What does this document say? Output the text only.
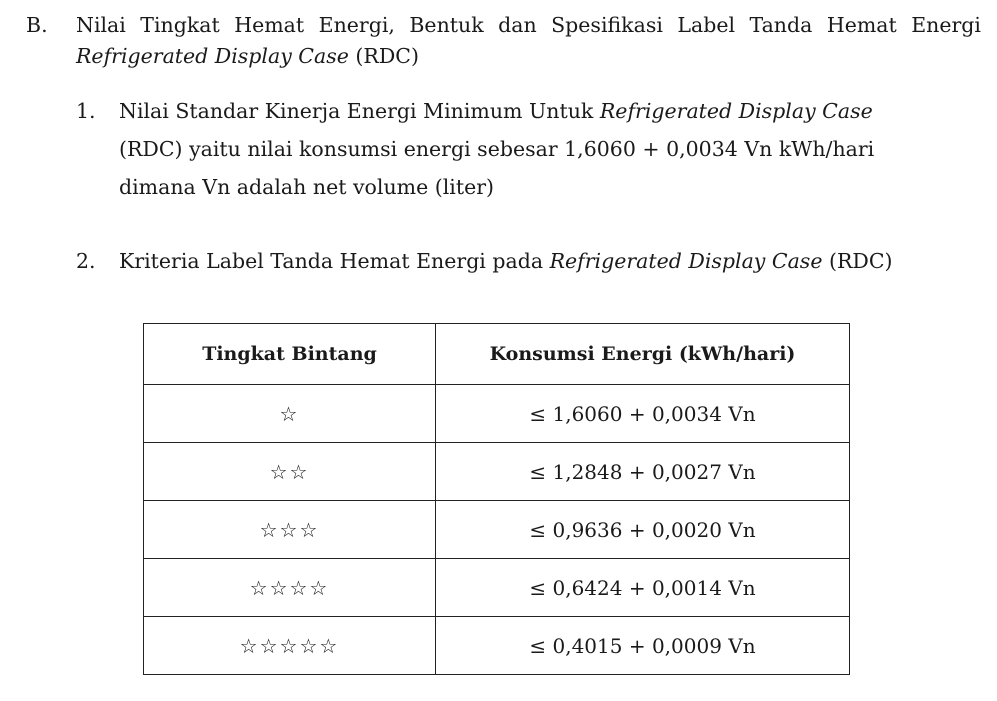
B. Nilai Tingkat Hemat Energi, Bentuk dan Spesifikasi Label Tanda Hemat Energi Refrigerated Display Case (RDC)
1. Nilai Standar Kinerja Energi Minimum Untuk Refrigerated Display Case (RDC) yaitu nilai konsumsi energi sebesar 1,6060 + 0,0034 Vn kWh/hari dimana Vn adalah net volume (liter)
2. Kriteria Label Tanda Hemat Energi pada Refrigerated Display Case (RDC)
Tingkat Bintang	Konsumsi Energi (kWh/hari)
☆	≤ 1,6060 + 0,0034 Vn
☆☆	≤ 1,2848 + 0,0027 Vn
☆☆☆	≤ 0,9636 + 0,0020 Vn
☆☆☆☆	≤ 0,6424 + 0,0014 Vn
☆☆☆☆☆	≤ 0,4015 + 0,0009 Vn
